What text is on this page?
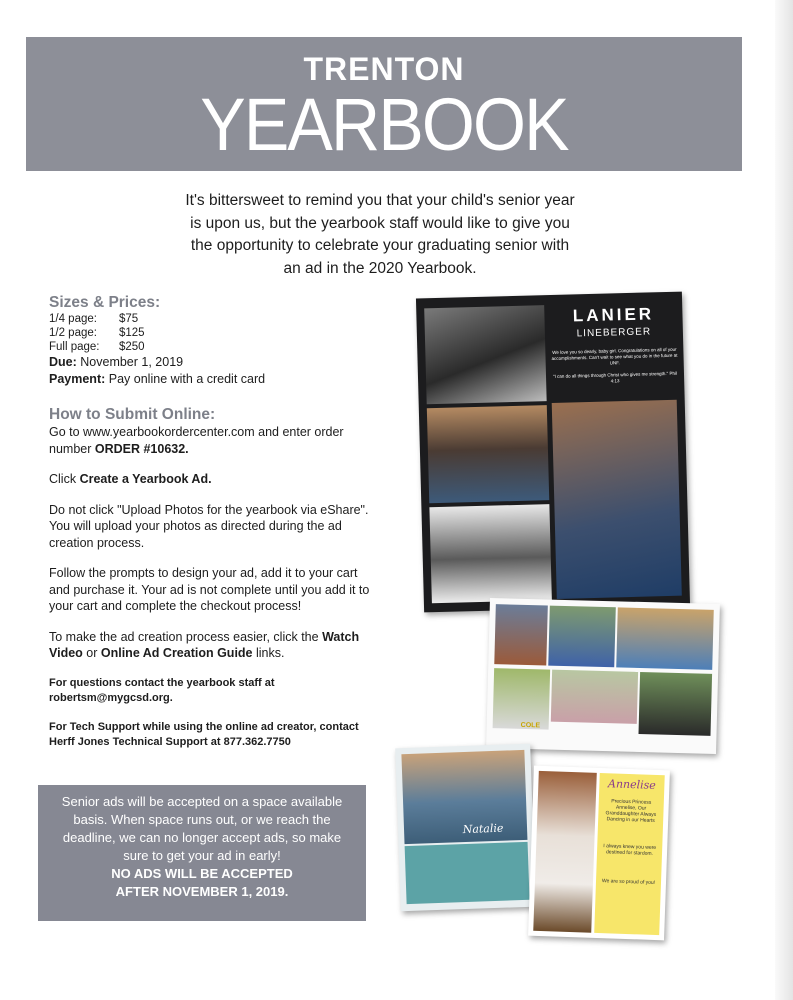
TRENTON
YEARBOOK
It's bittersweet to remind you that your child's senior year
is upon us, but the yearbook staff would like to give you
the opportunity to celebrate your graduating senior with
an ad in the 2020 Yearbook.
Sizes & Prices:
1/4 page:	$75
1/2 page:	$125
Full page:	$250
Due: November 1, 2019
Payment: Pay online with a credit card
How to Submit Online:
Go to www.yearbookordercenter.com and enter order number ORDER #10632.
Click Create a Yearbook Ad.
Do not click "Upload Photos for the yearbook via eShare". You will upload your photos as directed during the ad creation process.
Follow the prompts to design your ad, add it to your cart and purchase it. Your ad is not complete until you add it to your cart and complete the checkout process!
To make the ad creation process easier, click the Watch Video or Online Ad Creation Guide links.
For questions contact the yearbook staff at robertsm@mygcsd.org.
For Tech Support while using the online ad creator, contact Herff Jones Technical Support at 877.362.7750
Senior ads will be accepted on a space available
basis. When space runs out, or we reach the
deadline, we can no longer accept ads, so make
sure to get your ad in early!
NO ADS WILL BE ACCEPTED
AFTER NOVEMBER 1, 2019.
LANIER
LINEBERGER
We love you so dearly, baby girl. Congratulations on all of your accomplishments. Can't wait to see what you do in the future at UNF.
"I can do all things through Christ who gives me strength." Phil 4:13
COLE
Natalie
Annelise
Precious Princess Annelise, Our Granddaughter Always Dancing in our Hearts
I always knew you were destined for stardom.
We are so proud of you!
